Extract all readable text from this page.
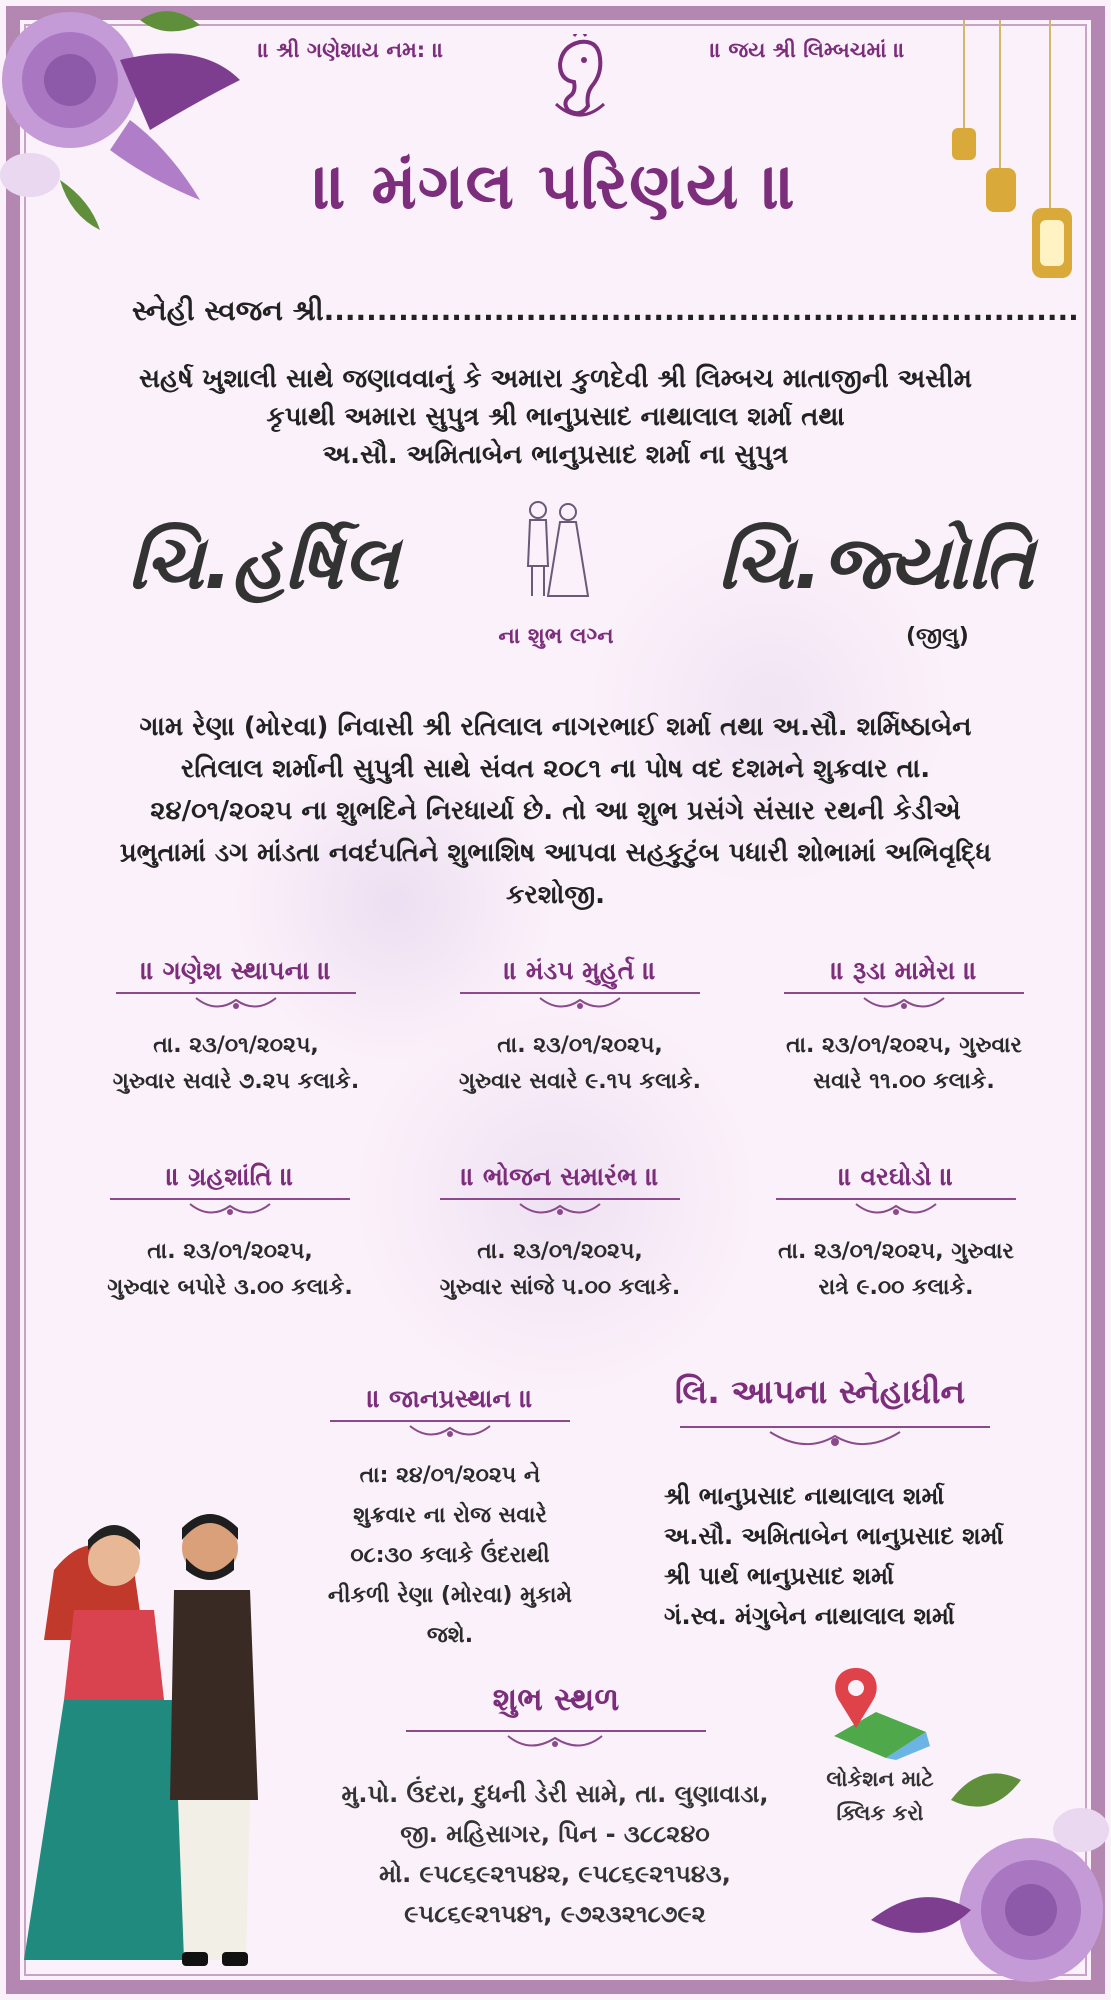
॥ શ્રી ગણેશાય નમ: ॥	॥ જય શ્રી લિમ્બચમાં ॥
॥ મંગલ પરિણય ॥
સ્નેહી સ્વજન શ્રી.......................................................................
સહર્ષ ખુશાલી સાથે જણાવવાનું કે અમારા કુળદેવી શ્રી લિમ્બચ માતાજીની અસીમ
કૃપાથી અમારા સુપુત્ર શ્રી ભાનુપ્રસાદ નાથાલાલ શર્મા તથા
અ.સૌ. અમિતાબેન ભાનુપ્રસાદ શર્મા ના સુપુત્ર
ચિ.હર્ષિલ	ચિ.જ્યોતિ
ના શુભ લગ્ન	(જીલુ)
ગામ રેણા (મોરવા) નિવાસી શ્રી રતિલાલ નાગરભાઈ શર્મા તથા અ.સૌ. શર્મિષ્ઠાબેન
રતિલાલ શર્માની સુપુત્રી સાથે સંવત ૨૦૮૧ ના પોષ વદ દશમને શુક્રવાર તા.
૨૪/૦૧/૨૦૨૫ ના શુભદિને નિરધાર્યા છે. તો આ શુભ પ્રસંગે સંસાર રથની કેડીએ
પ્રભુતામાં ડગ માંડતા નવદંપતિને શુભાશિષ આપવા સહકુટુંબ પધારી શોભામાં અભિવૃદ્ધિ
કરશોજી.
॥ ગણેશ સ્થાપના ॥
તા. ૨૩/૦૧/૨૦૨૫,
ગુરુવાર સવારે ૭.૨૫ કલાકે.
॥ મંડપ મુહુર્ત ॥
તા. ૨૩/૦૧/૨૦૨૫,
ગુરુવાર સવારે ૯.૧૫ કલાકે.
॥ રૂડા મામેરા ॥
તા. ૨૩/૦૧/૨૦૨૫, ગુરુવાર
સવારે ૧૧.૦૦ કલાકે.
॥ ગ્રહશાંતિ ॥
તા. ૨૩/૦૧/૨૦૨૫,
ગુરુવાર બપોરે ૩.૦૦ કલાકે.
॥ ભોજન સમારંભ ॥
તા. ૨૩/૦૧/૨૦૨૫,
ગુરુવાર સાંજે ૫.૦૦ કલાકે.
॥ વરઘોડો ॥
તા. ૨૩/૦૧/૨૦૨૫, ગુરુવાર
રાત્રે ૯.૦૦ કલાકે.
॥ જાનપ્રસ્થાન ॥
તા: ૨૪/૦૧/૨૦૨૫ ને
શુક્રવાર ના રોજ સવારે
૦૮:૩૦ કલાકે ઉંદરાથી
નીકળી રેણા (મોરવા) મુકામે
જશે.
લિ. આપના સ્નેહાધીન
શ્રી ભાનુપ્રસાદ નાથાલાલ શર્મા
અ.સૌ. અમિતાબેન ભાનુપ્રસાદ શર્મા
શ્રી પાર્થ ભાનુપ્રસાદ શર્મા
ગં.સ્વ. મંગુબેન નાથાલાલ શર્મા
શુભ સ્થળ
મુ.પો. ઉંદરા, દુધની ડેરી સામે, તા. લુણાવાડા,
જી. મહિસાગર, પિન - ૩૮૮૨૪૦
મો. ૯૫૮૬૯૨૧૫૪૨, ૯૫૮૬૯૨૧૫૪૩,
૯૫૮૬૯૨૧૫૪૧, ૯૭૨૩૨૧૮૭૯૨
લોકેશન માટે
ક્લિક કરો
